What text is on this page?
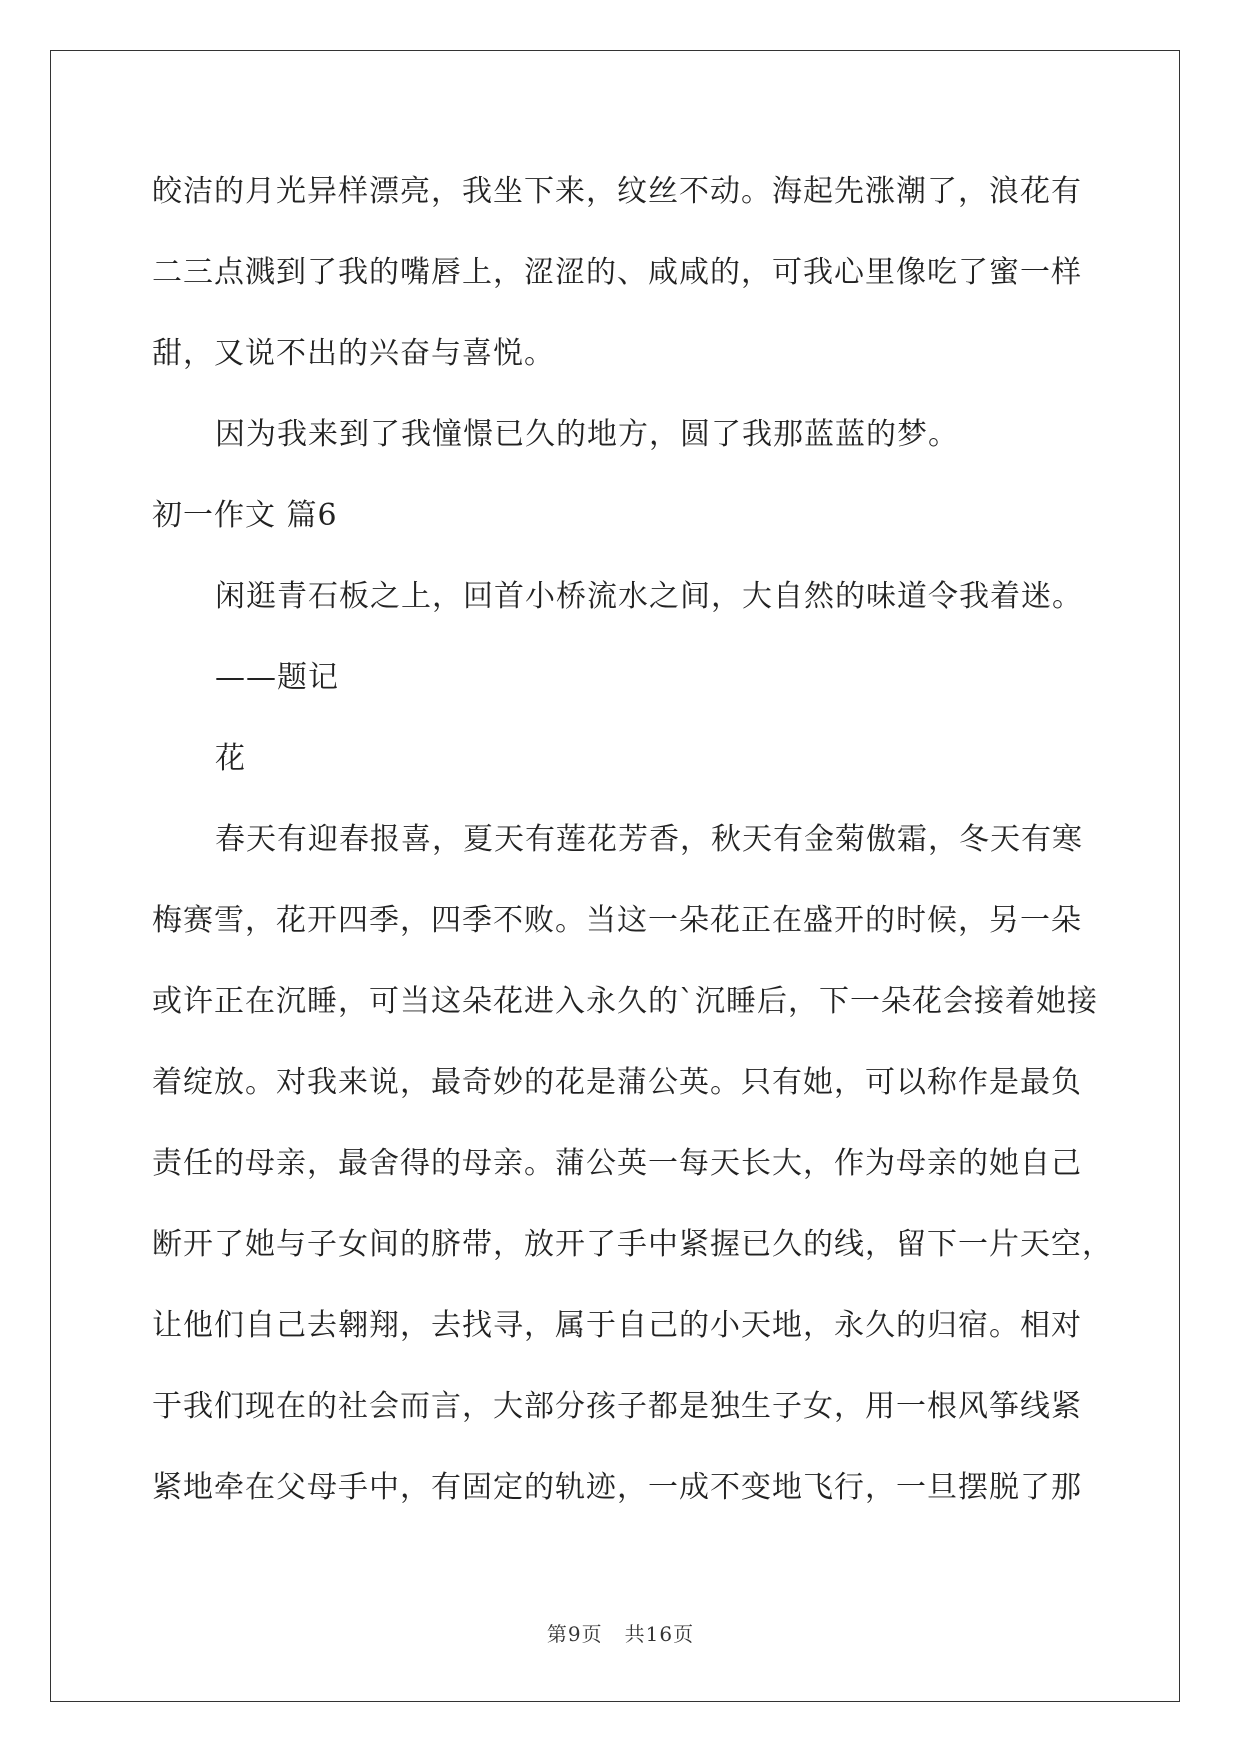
皎洁的月光异样漂亮，我坐下来，纹丝不动。海起先涨潮了，浪花有
二三点溅到了我的嘴唇上，涩涩的、咸咸的，可我心里像吃了蜜一样
甜，又说不出的兴奋与喜悦。
因为我来到了我憧憬已久的地方，圆了我那蓝蓝的梦。
初一作文 篇6
闲逛青石板之上，回首小桥流水之间，大自然的味道令我着迷。
——题记
花
春天有迎春报喜，夏天有莲花芳香，秋天有金菊傲霜，冬天有寒
梅赛雪，花开四季，四季不败。当这一朵花正在盛开的时候，另一朵
或许正在沉睡，可当这朵花进入永久的`沉睡后，下一朵花会接着她接
着绽放。对我来说，最奇妙的花是蒲公英。只有她，可以称作是最负
责任的母亲，最舍得的母亲。蒲公英一每天长大，作为母亲的她自己
断开了她与子女间的脐带，放开了手中紧握已久的线，留下一片天空，
让他们自己去翱翔，去找寻，属于自己的小天地，永久的归宿。相对
于我们现在的社会而言，大部分孩子都是独生子女，用一根风筝线紧
紧地牵在父母手中，有固定的轨迹，一成不变地飞行，一旦摆脱了那
第9页 共16页
